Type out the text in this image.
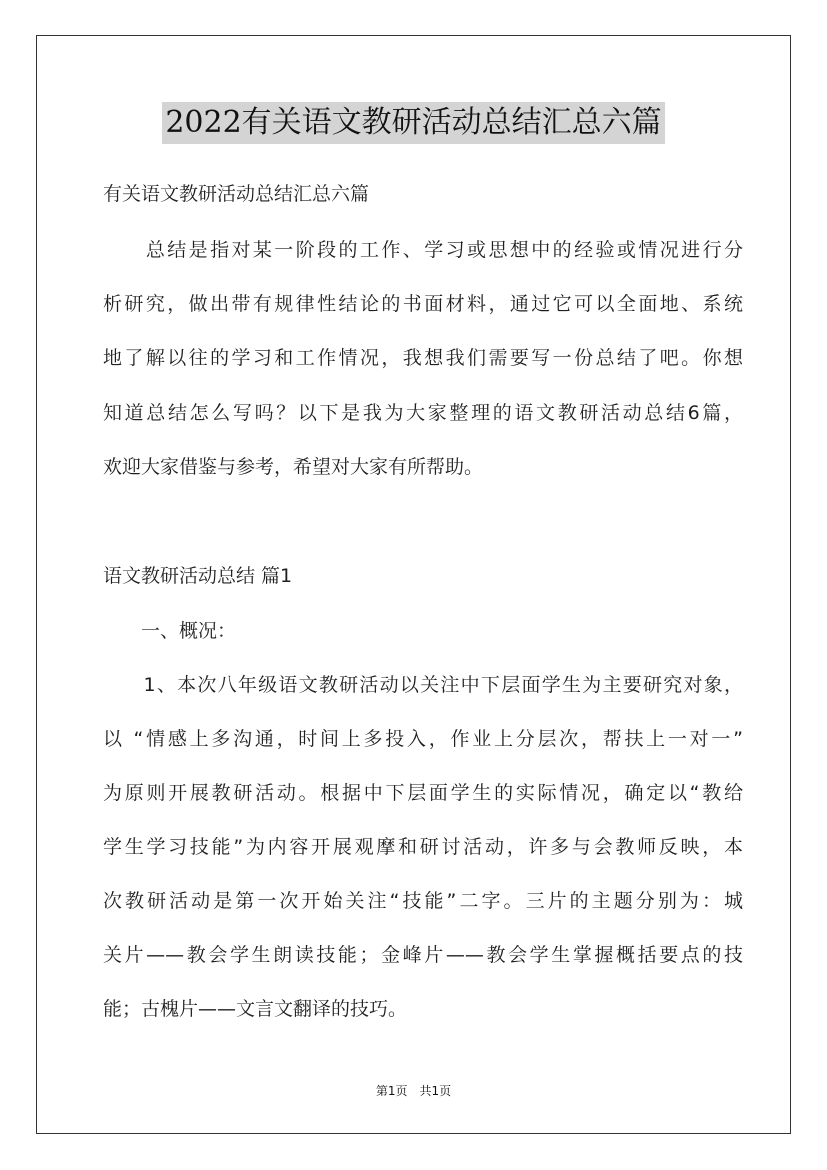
2022有关语文教研活动总结汇总六篇
有关语文教研活动总结汇总六篇
　　总结是指对某一阶段的工作、学习或思想中的经验或情况进行分
析研究，做出带有规律性结论的书面材料，通过它可以全面地、系统
地了解以往的学习和工作情况，我想我们需要写一份总结了吧。你想
知道总结怎么写吗？以下是我为大家整理的语文教研活动总结6篇，
欢迎大家借鉴与参考，希望对大家有所帮助。
语文教研活动总结 篇1
　　一、概况：
　　1、本次八年级语文教研活动以关注中下层面学生为主要研究对象，
以 “情感上多沟通，时间上多投入，作业上分层次，帮扶上一对一”
为原则开展教研活动。根据中下层面学生的实际情况，确定以“教给
学生学习技能”为内容开展观摩和研讨活动，许多与会教师反映，本
次教研活动是第一次开始关注“技能”二字。三片的主题分别为：城
关片——教会学生朗读技能；金峰片——教会学生掌握概括要点的技
能；古槐片——文言文翻译的技巧。
第1页　共1页
